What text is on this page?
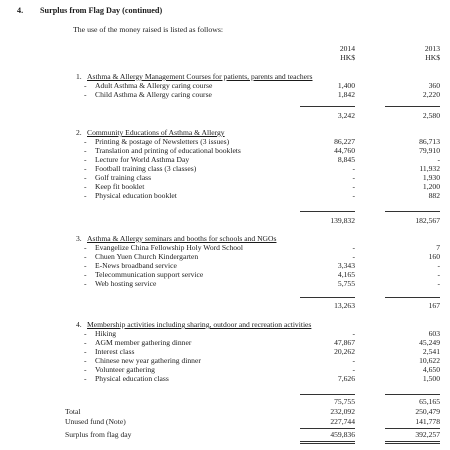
4. Surplus from Flag Day (continued)
The use of the money raised is listed as follows:
2014	2013
HK$	HK$
1. Asthma & Allergy Management Courses for patients, parents and teachers
- Adult Asthma & Allergy caring course	1,400	360
- Child Asthma & Allergy caring course	1,842	2,220
3,242	2,580
2. Community Educations of Asthma & Allergy
- Printing & postage of Newsletters (3 issues)	86,227	86,713
- Translation and printing of educational booklets	44,760	79,910
- Lecture for World Asthma Day	8,845	-
- Football training class (3 classes)	-	11,932
- Golf training class	-	1,930
- Keep fit booklet	-	1,200
- Physical education booklet	-	882
139,832	182,567
3. Asthma & Allergy seminars and booths for schools and NGOs
- Evangelize China Fellowship Holy Word School	-	7
- Chuen Yuen Church Kindergarten	-	160
- E-News broadband service	3,343	-
- Telecommunication support service	4,165	-
- Web hosting service	5,755	-
13,263	167
4. Membership activities including sharing, outdoor and recreation activities
- Hiking	-	603
- AGM member gathering dinner	47,867	45,249
- Interest class	20,262	2,541
- Chinese new year gathering dinner	-	10,622
- Volunteer gathering	-	4,650
- Physical education class	7,626	1,500
75,755	65,165
Total	232,092	250,479
Unused fund (Note)	227,744	141,778
Surplus from flag day	459,836	392,257
